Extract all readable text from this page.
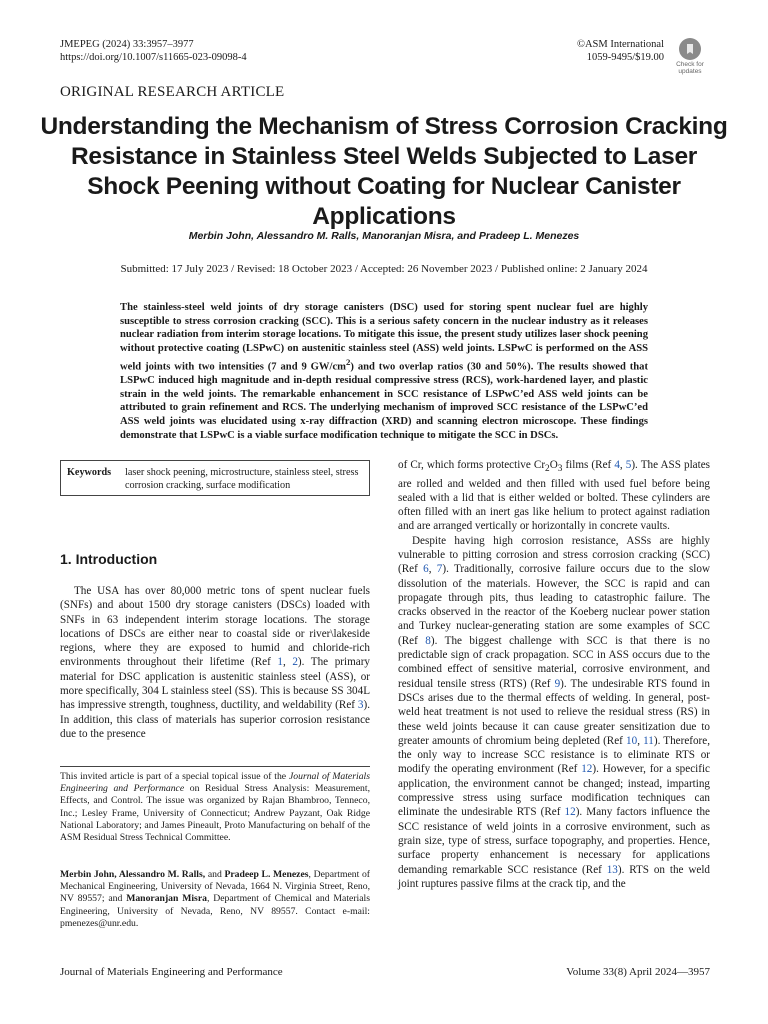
JMEPEG (2024) 33:3957–3977
https://doi.org/10.1007/s11665-023-09098-4
©ASM International
1059-9495/$19.00
Check for
updates
ORIGINAL RESEARCH ARTICLE
Understanding the Mechanism of Stress Corrosion Cracking Resistance in Stainless Steel Welds Subjected to Laser Shock Peening without Coating for Nuclear Canister Applications
Merbin John, Alessandro M. Ralls, Manoranjan Misra, and Pradeep L. Menezes
Submitted: 17 July 2023 / Revised: 18 October 2023 / Accepted: 26 November 2023 / Published online: 2 January 2024

The stainless-steel weld joints of dry storage canisters (DSC) used for storing spent nuclear fuel are highly susceptible to stress corrosion cracking (SCC). This is a serious safety concern in the nuclear industry as it releases nuclear radiation from interim storage locations. To mitigate this issue, the present study utilizes laser shock peening without protective coating (LSPwC) on austenitic stainless steel (ASS) weld joints. LSPwC is performed on the ASS weld joints with two intensities (7 and 9 $GW/cm^2$) and two overlap ratios (30 and 50%). The results showed that LSPwC induced high magnitude and in-depth residual compressive stress (RCS), work-hardened layer, and plastic strain in the weld joints. The remarkable enhancement in SCC resistance of LSPwC’ed ASS weld joints can be attributed to grain refinement and RCS. The underlying mechanism of improved SCC resistance of the LSPwC’ed ASS weld joints was elucidated using x-ray diffraction (XRD) and scanning electron microscope. These findings demonstrate that LSPwC is a viable surface modification technique to mitigate the SCC in DSCs.

Keywords laser shock peening, microstructure, stainless steel, stress corrosion cracking, surface modification
1. Introduction

The USA has over 80,000 metric tons of spent nuclear fuels (SNFs) and about 1500 dry storage canisters (DSCs) loaded with SNFs in 63 independent interim storage locations. The storage locations of DSCs are either near to coastal side or river\lakeside regions, where they are exposed to humid and chloride-rich environments throughout their lifetime (Ref 1, 2). The primary material for DSC application is austenitic stainless steel (ASS), or more specifically, 304 L stainless steel (SS). This is because SS 304L has impressive strength, toughness, ductility, and weldability (Ref 3). In addition, this class of materials has superior corrosion resistance due to the presence

This invited article is part of a special topical issue of the Journal of Materials Engineering and Performance on Residual Stress Analysis: Measurement, Effects, and Control. The issue was organized by Rajan Bhambroo, Tenneco, Inc.; Lesley Frame, University of Connecticut; Andrew Payzant, Oak Ridge National Laboratory; and James Pineault, Proto Manufacturing on behalf of the ASM Residual Stress Technical Committee.

Merbin John, Alessandro M. Ralls, and Pradeep L. Menezes, Department of Mechanical Engineering, University of Nevada, 1664 N. Virginia Street, Reno, NV 89557; and Manoranjan Misra, Department of Chemical and Materials Engineering, University of Nevada, Reno, NV 89557. Contact e-mail: pmenezes@unr.edu.

of Cr, which forms protective $Cr_2O_3$ films (Ref 4, 5). The ASS plates are rolled and welded and then filled with used fuel before being sealed with a lid that is either welded or bolted. These cylinders are often filled with an inert gas like helium to protect against radiation and are arranged vertically or horizontally in concrete vaults.

Despite having high corrosion resistance, ASSs are highly vulnerable to pitting corrosion and stress corrosion cracking (SCC) (Ref 6, 7). Traditionally, corrosive failure occurs due to the slow dissolution of the materials. However, the SCC is rapid and can propagate through pits, thus leading to catastrophic failure. The cracks observed in the reactor of the Koeberg nuclear power station and Turkey nuclear-generating station are some examples of SCC (Ref 8). The biggest challenge with SCC is that there is no predictable sign of crack propagation. SCC in ASS occurs due to the combined effect of sensitive material, corrosive environment, and residual tensile stress (RTS) (Ref 9). The undesirable RTS found in DSCs arises due to the thermal effects of welding. In general, post-weld heat treatment is not used to relieve the residual stress (RS) in these weld joints because it can cause greater sensitization due to greater amounts of chromium being depleted (Ref 10, 11). Therefore, the only way to increase SCC resistance is to eliminate RTS or modify the operating environment (Ref 12). However, for a specific application, the environment cannot be changed; instead, imparting compressive stress using surface modification techniques can eliminate the undesirable RTS (Ref 12). Many factors influence the SCC resistance of weld joints in a corrosive environment, such as grain size, type of stress, surface topography, and properties. Hence, surface property enhancement is necessary for applications demanding remarkable SCC resistance (Ref 13). RTS on the weld joint ruptures passive films at the crack tip, and the

Journal of Materials Engineering and Performance	Volume 33(8) April 2024—3957
